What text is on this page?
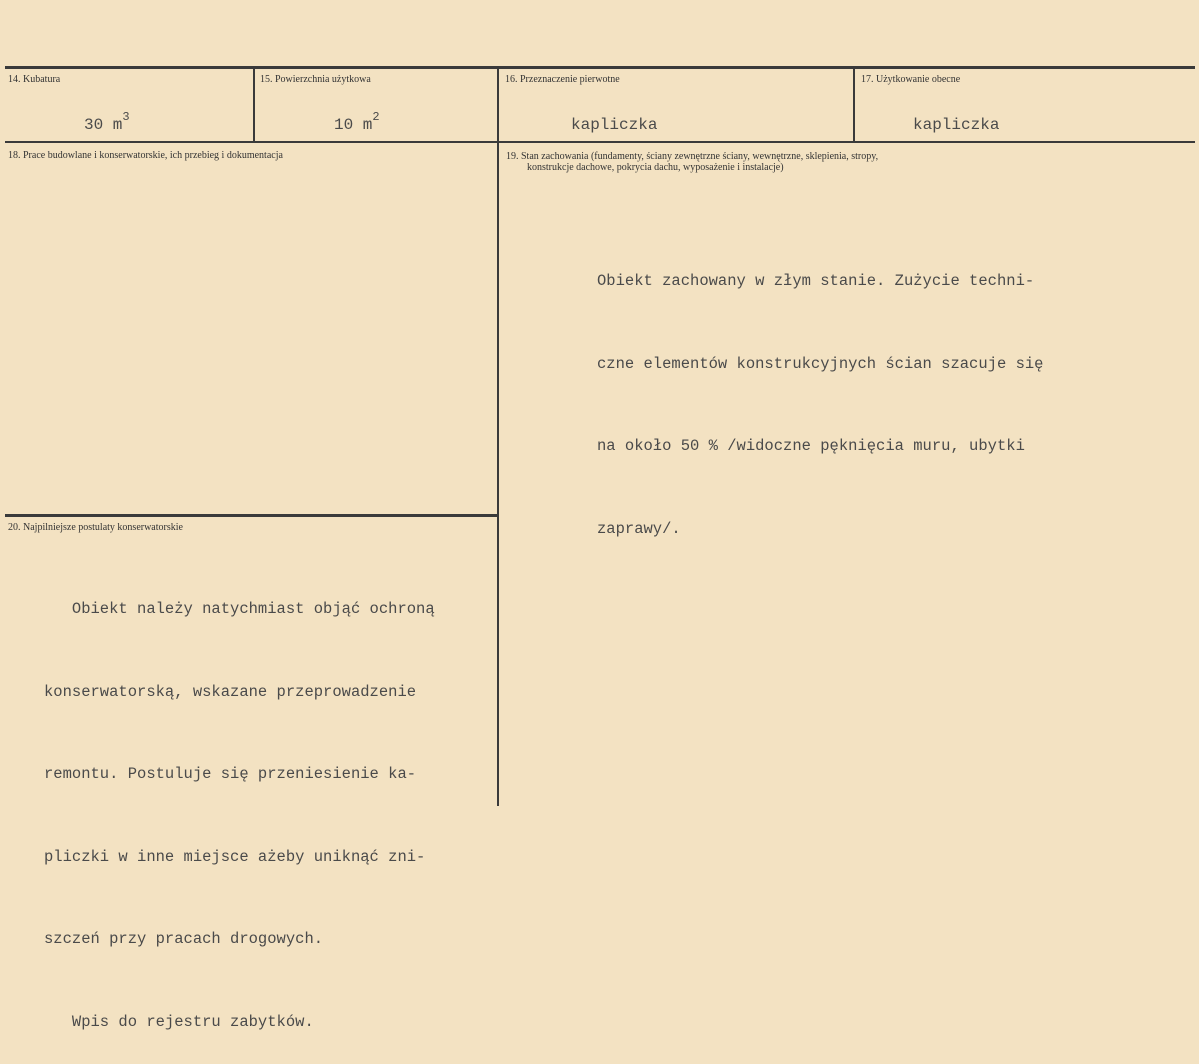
14. Kubatura
30 $m^3$
15. Powierzchnia użytkowa
10 $m^2$
16. Przeznaczenie pierwotne
kapliczka
17. Użytkowanie obecne
kapliczka
18. Prace budowlane i konserwatorskie, ich przebieg i dokumentacja	19. Stan zachowania (fundamenty, ściany zewnętrzne ściany, wewnętrzne, sklepienia, stropy,
konstrukcje dachowe, pokrycia dachu, wyposażenie i instalacje)

Obiekt zachowany w złym stanie. Zużycie techni-

czne elementów konstrukcyjnych ścian szacuje się

na około 50 % /widoczne pęknięcia muru, ubytki

zaprawy/.

20. Najpilniejsze postulaty konserwatorskie

Obiekt należy natychmiast objąć ochroną

konserwatorską, wskazane przeprowadzenie

remontu. Postuluje się przeniesienie ka-

pliczki w inne miejsce ażeby uniknąć zni-

szczeń przy pracach drogowych.

Wpis do rejestru zabytków.
